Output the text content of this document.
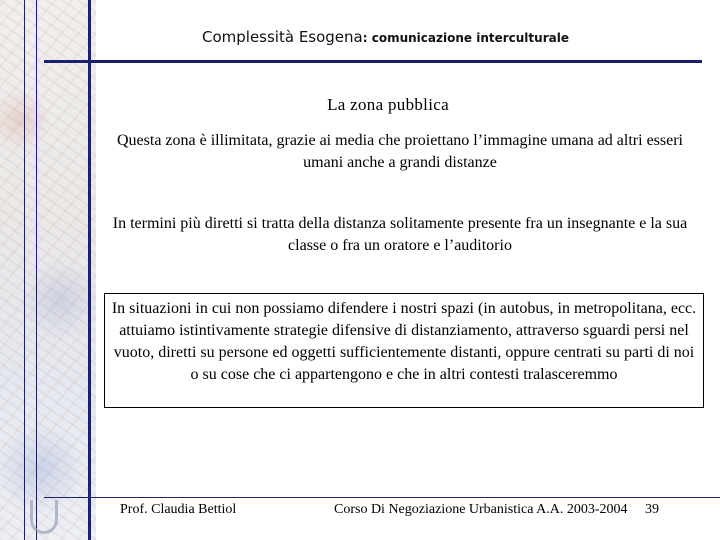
Complessità Esogena: comunicazione interculturale
La zona pubblica
Questa zona è illimitata, grazie ai media che proiettano l’immagine umana ad altri esseri umani anche a grandi distanze
In termini più diretti si tratta della distanza solitamente presente fra un insegnante e la sua classe o fra un oratore e l’auditorio
In situazioni in cui non possiamo difendere i nostri spazi (in autobus, in metropolitana, ecc. attuiamo istintivamente strategie difensive di distanziamento, attraverso sguardi persi nel vuoto, diretti su persone ed oggetti sufficientemente distanti, oppure centrati su parti di noi o su cose che ci appartengono e che in altri contesti tralasceremmo
Prof. Claudia Bettiol	Corso Di Negoziazione Urbanistica A.A. 2003-2004 39
